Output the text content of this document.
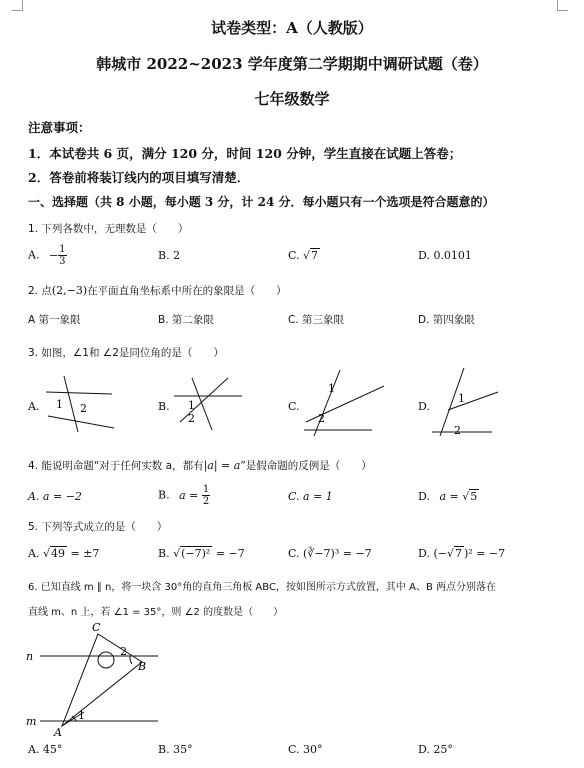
试卷类型：A（人教版）
韩城市 2022~2023 学年度第二学期期中调研试题（卷）
七年级数学
注意事项：
1．本试卷共 6 页，满分 120 分，时间 120 分钟，学生直接在试题上答卷；
2．答卷前将装订线内的项目填写清楚．
一、选择题（共 8 小题，每小题 3 分，计 24 分．每小题只有一个选项是符合题意的）
1. 下列各数中，无理数是（　　）
A. − $\frac{1}{3}$	B. 2	C. √7	D. 0.0101
2. 点(2,−3)在平面直角坐标系中所在的象限是（　　）
A 第一象限	B. 第二象限	C. 第三象限	D. 第四象限
3. 如图，∠1和 ∠2是同位角的是（　　）
A.	B.	C.	D.
1 2	1
2
1
2
1
2
4. 能说明命题“对于任何实数 a，都有|a| = a”是假命题的反例是（　　）
A. a = −2	B. $a = \frac{1}{2}$	C. a = 1	D. a = √5
5. 下列等式成立的是（　　）
A. √49 = ±7	B. √(−7)² = −7	C. (∛−7)³ = −7	D. (−√7 )² = −7
6. 已知直线 m ∥ n，将一块含 30°角的直角三角板 ABC，按如图所示方式放置，其中 A、B 两点分别落在
直线 m、n 上，若 ∠1 = 35°，则 ∠2 的度数是（　　）
C
n
m
A
B
1
2
A. 45°	B. 35°	C. 30°	D. 25°
